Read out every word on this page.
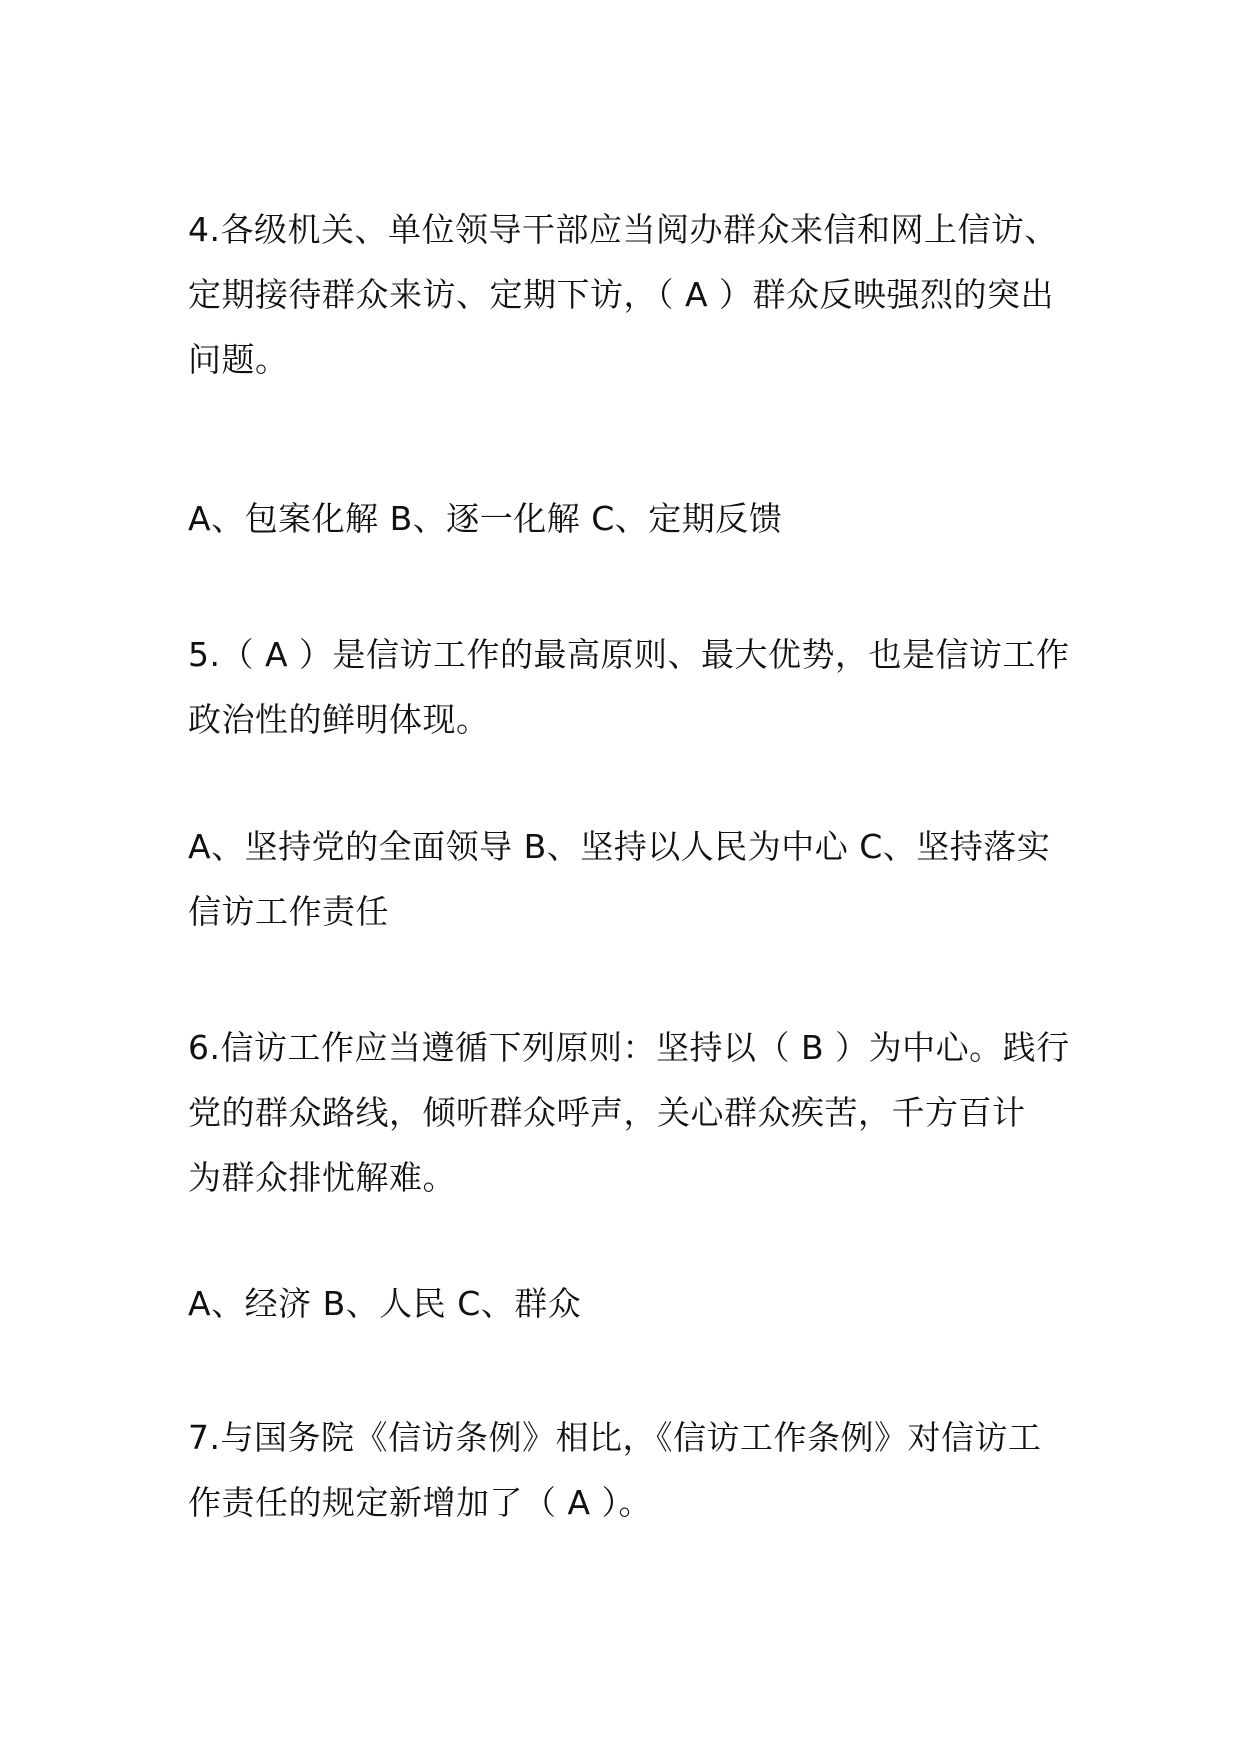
4.各级机关、单位领导干部应当阅办群众来信和网上信访、
定期接待群众来访、定期下访，（ A ）群众反映强烈的突出
问题。

A、包案化解 B、逐一化解 C、定期反馈

5.（ A ）是信访工作的最高原则、最大优势，也是信访工作
政治性的鲜明体现。

A、坚持党的全面领导 B、坚持以人民为中心 C、坚持落实
信访工作责任

6.信访工作应当遵循下列原则：坚持以（ B ）为中心。践行
党的群众路线，倾听群众呼声，关心群众疾苦，千方百计
为群众排忧解难。

A、经济 B、人民 C、群众

7.与国务院《信访条例》相比，《信访工作条例》对信访工
作责任的规定新增加了（ A ）。
